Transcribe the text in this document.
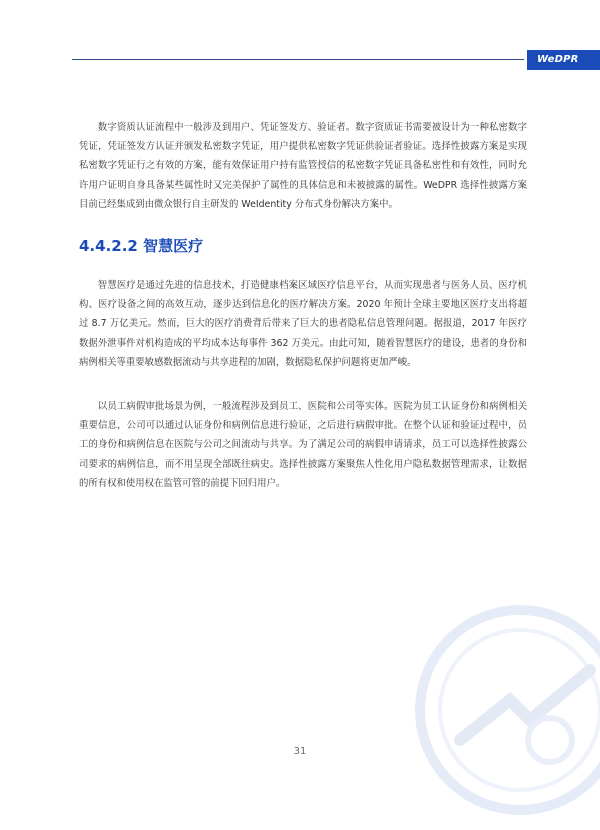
WeDPR

数字资质认证流程中一般涉及到用户、凭证签发方、验证者。数字资质证书需要被设计为一种私密数字凭证，凭证签发方认证并颁发私密数字凭证，用户提供私密数字凭证供验证者验证。选择性披露方案是实现私密数字凭证行之有效的方案，能有效保证用户持有监管授信的私密数字凭证具备私密性和有效性，同时允许用户证明自身具备某些属性时又完美保护了属性的具体信息和未被披露的属性。WeDPR 选择性披露方案目前已经集成到由微众银行自主研发的 WeIdentity 分布式身份解决方案中。

4.4.2.2 智慧医疗

智慧医疗是通过先进的信息技术，打造健康档案区域医疗信息平台，从而实现患者与医务人员、医疗机构、医疗设备之间的高效互动，逐步达到信息化的医疗解决方案。2020 年预计全球主要地区医疗支出将超过 8.7 万亿美元。然而，巨大的医疗消费背后带来了巨大的患者隐私信息管理问题。据报道，2017 年医疗数据外泄事件对机构造成的平均成本达每事件 362 万美元。由此可知，随着智慧医疗的建设，患者的身份和病例相关等重要敏感数据流动与共享进程的加剧，数据隐私保护问题将更加严峻。

以员工病假审批场景为例，一般流程涉及到员工、医院和公司等实体。医院为员工认证身份和病例相关重要信息，公司可以通过认证身份和病例信息进行验证，之后进行病假审批。在整个认证和验证过程中，员工的身份和病例信息在医院与公司之间流动与共享。为了满足公司的病假申请请求，员工可以选择性披露公司要求的病例信息，而不用呈现全部既往病史。选择性披露方案聚焦人性化用户隐私数据管理需求，让数据的所有权和使用权在监管可管的前提下回归用户。

31
